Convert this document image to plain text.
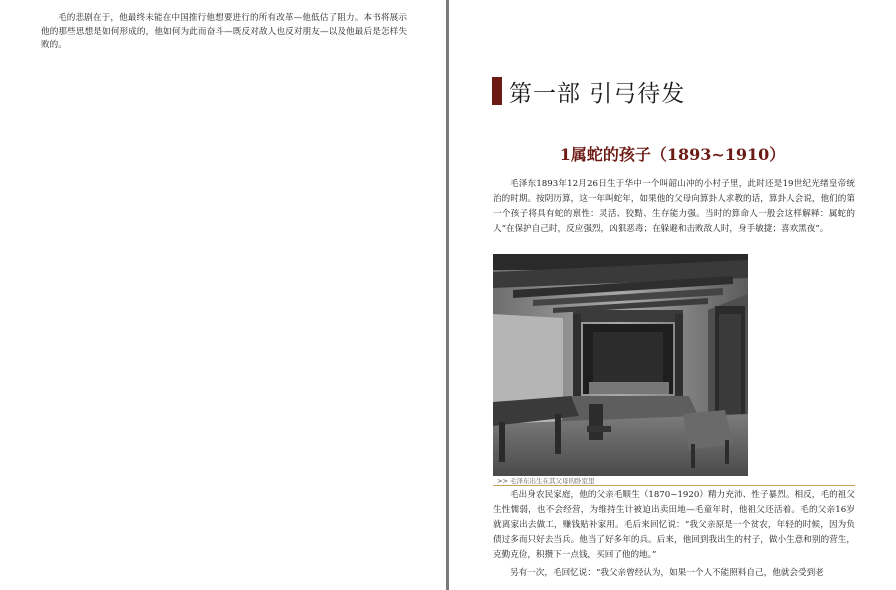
毛的悲剧在于，他最终未能在中国推行他想要进行的所有改革—他低估了阻力。本书将展示他的那些思想是如何形成的，他如何为此而奋斗—既反对敌人也反对朋友—以及他最后是怎样失败的。

第一部 引弓待发
1属蛇的孩子（1893~1910）

毛泽东1893年12月26日生于华中一个叫韶山冲的小村子里，此时还是19世纪光绪皇帝统治的时期。按阴历算，这一年叫蛇年，如果他的父母向算卦人求教的话，算卦人会说，他们的第一个孩子将具有蛇的禀性：灵活、狡黠、生存能力强。当时的算命人一般会这样解释：属蛇的人“在保护自己时，反应强烈，凶狠恶毒；在躲避和击败敌人时，身手敏捷；喜欢黑夜”。

>> 毛泽东出生在其父母的卧室里

毛出身农民家庭，他的父亲毛顺生（1870~1920）精力充沛、性子暴烈。相反，毛的祖父生性懦弱，也不会经营，为维持生计被迫出卖田地—毛童年时，他祖父还活着。毛的父亲16岁就离家出去做工，赚钱贴补家用。毛后来回忆说：“我父亲原是一个贫农，年轻的时候，因为负债过多而只好去当兵。他当了好多年的兵。后来，他回到我出生的村子，做小生意和别的营生，克勤克俭，积攒下一点钱，买回了他的地。”

另有一次，毛回忆说：“我父亲曾经认为，如果一个人不能照料自己，他就会受到老
